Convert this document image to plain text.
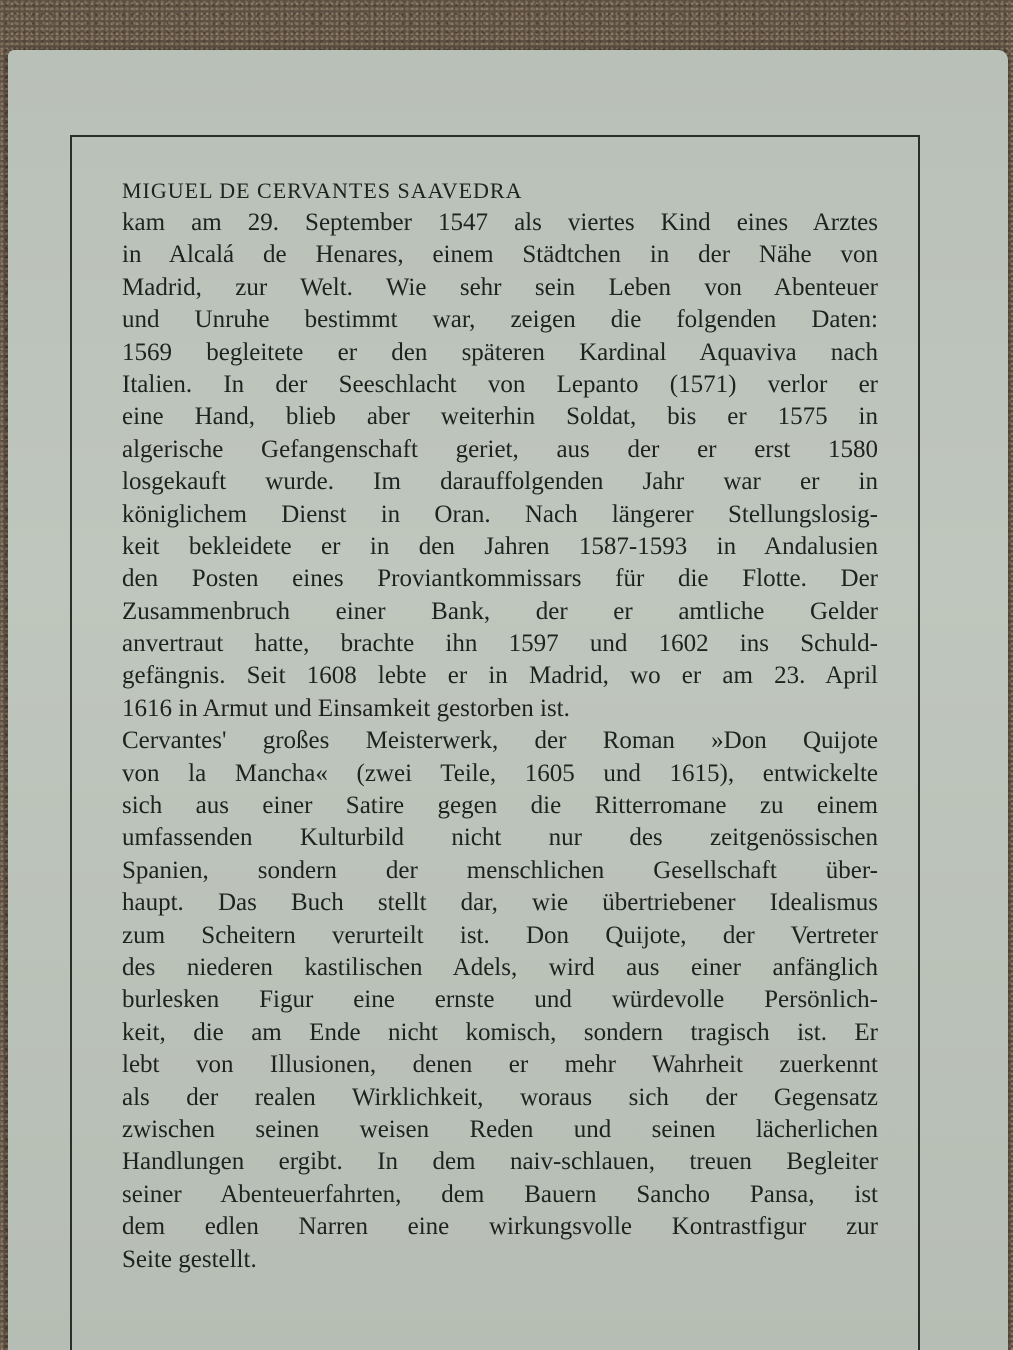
MIGUEL DE CERVANTES SAAVEDRA
kam am 29. September 1547 als viertes Kind eines Arztes
in Alcalá de Henares, einem Städtchen in der Nähe von
Madrid, zur Welt. Wie sehr sein Leben von Abenteuer
und Unruhe bestimmt war, zeigen die folgenden Daten:
1569 begleitete er den späteren Kardinal Aquaviva nach
Italien. In der Seeschlacht von Lepanto (1571) verlor er
eine Hand, blieb aber weiterhin Soldat, bis er 1575 in
algerische Gefangenschaft geriet, aus der er erst 1580
losgekauft wurde. Im darauffolgenden Jahr war er in
königlichem Dienst in Oran. Nach längerer Stellungslosig-
keit bekleidete er in den Jahren 1587-1593 in Andalusien
den Posten eines Proviantkommissars für die Flotte. Der
Zusammenbruch einer Bank, der er amtliche Gelder
anvertraut hatte, brachte ihn 1597 und 1602 ins Schuld-
gefängnis. Seit 1608 lebte er in Madrid, wo er am 23. April
1616 in Armut und Einsamkeit gestorben ist.
Cervantes' großes Meisterwerk, der Roman »Don Quijote
von la Mancha« (zwei Teile, 1605 und 1615), entwickelte
sich aus einer Satire gegen die Ritterromane zu einem
umfassenden Kulturbild nicht nur des zeitgenössischen
Spanien, sondern der menschlichen Gesellschaft über-
haupt. Das Buch stellt dar, wie übertriebener Idealismus
zum Scheitern verurteilt ist. Don Quijote, der Vertreter
des niederen kastilischen Adels, wird aus einer anfänglich
burlesken Figur eine ernste und würdevolle Persönlich-
keit, die am Ende nicht komisch, sondern tragisch ist. Er
lebt von Illusionen, denen er mehr Wahrheit zuerkennt
als der realen Wirklichkeit, woraus sich der Gegensatz
zwischen seinen weisen Reden und seinen lächerlichen
Handlungen ergibt. In dem naiv-schlauen, treuen Begleiter
seiner Abenteuerfahrten, dem Bauern Sancho Pansa, ist
dem edlen Narren eine wirkungsvolle Kontrastfigur zur
Seite gestellt.
